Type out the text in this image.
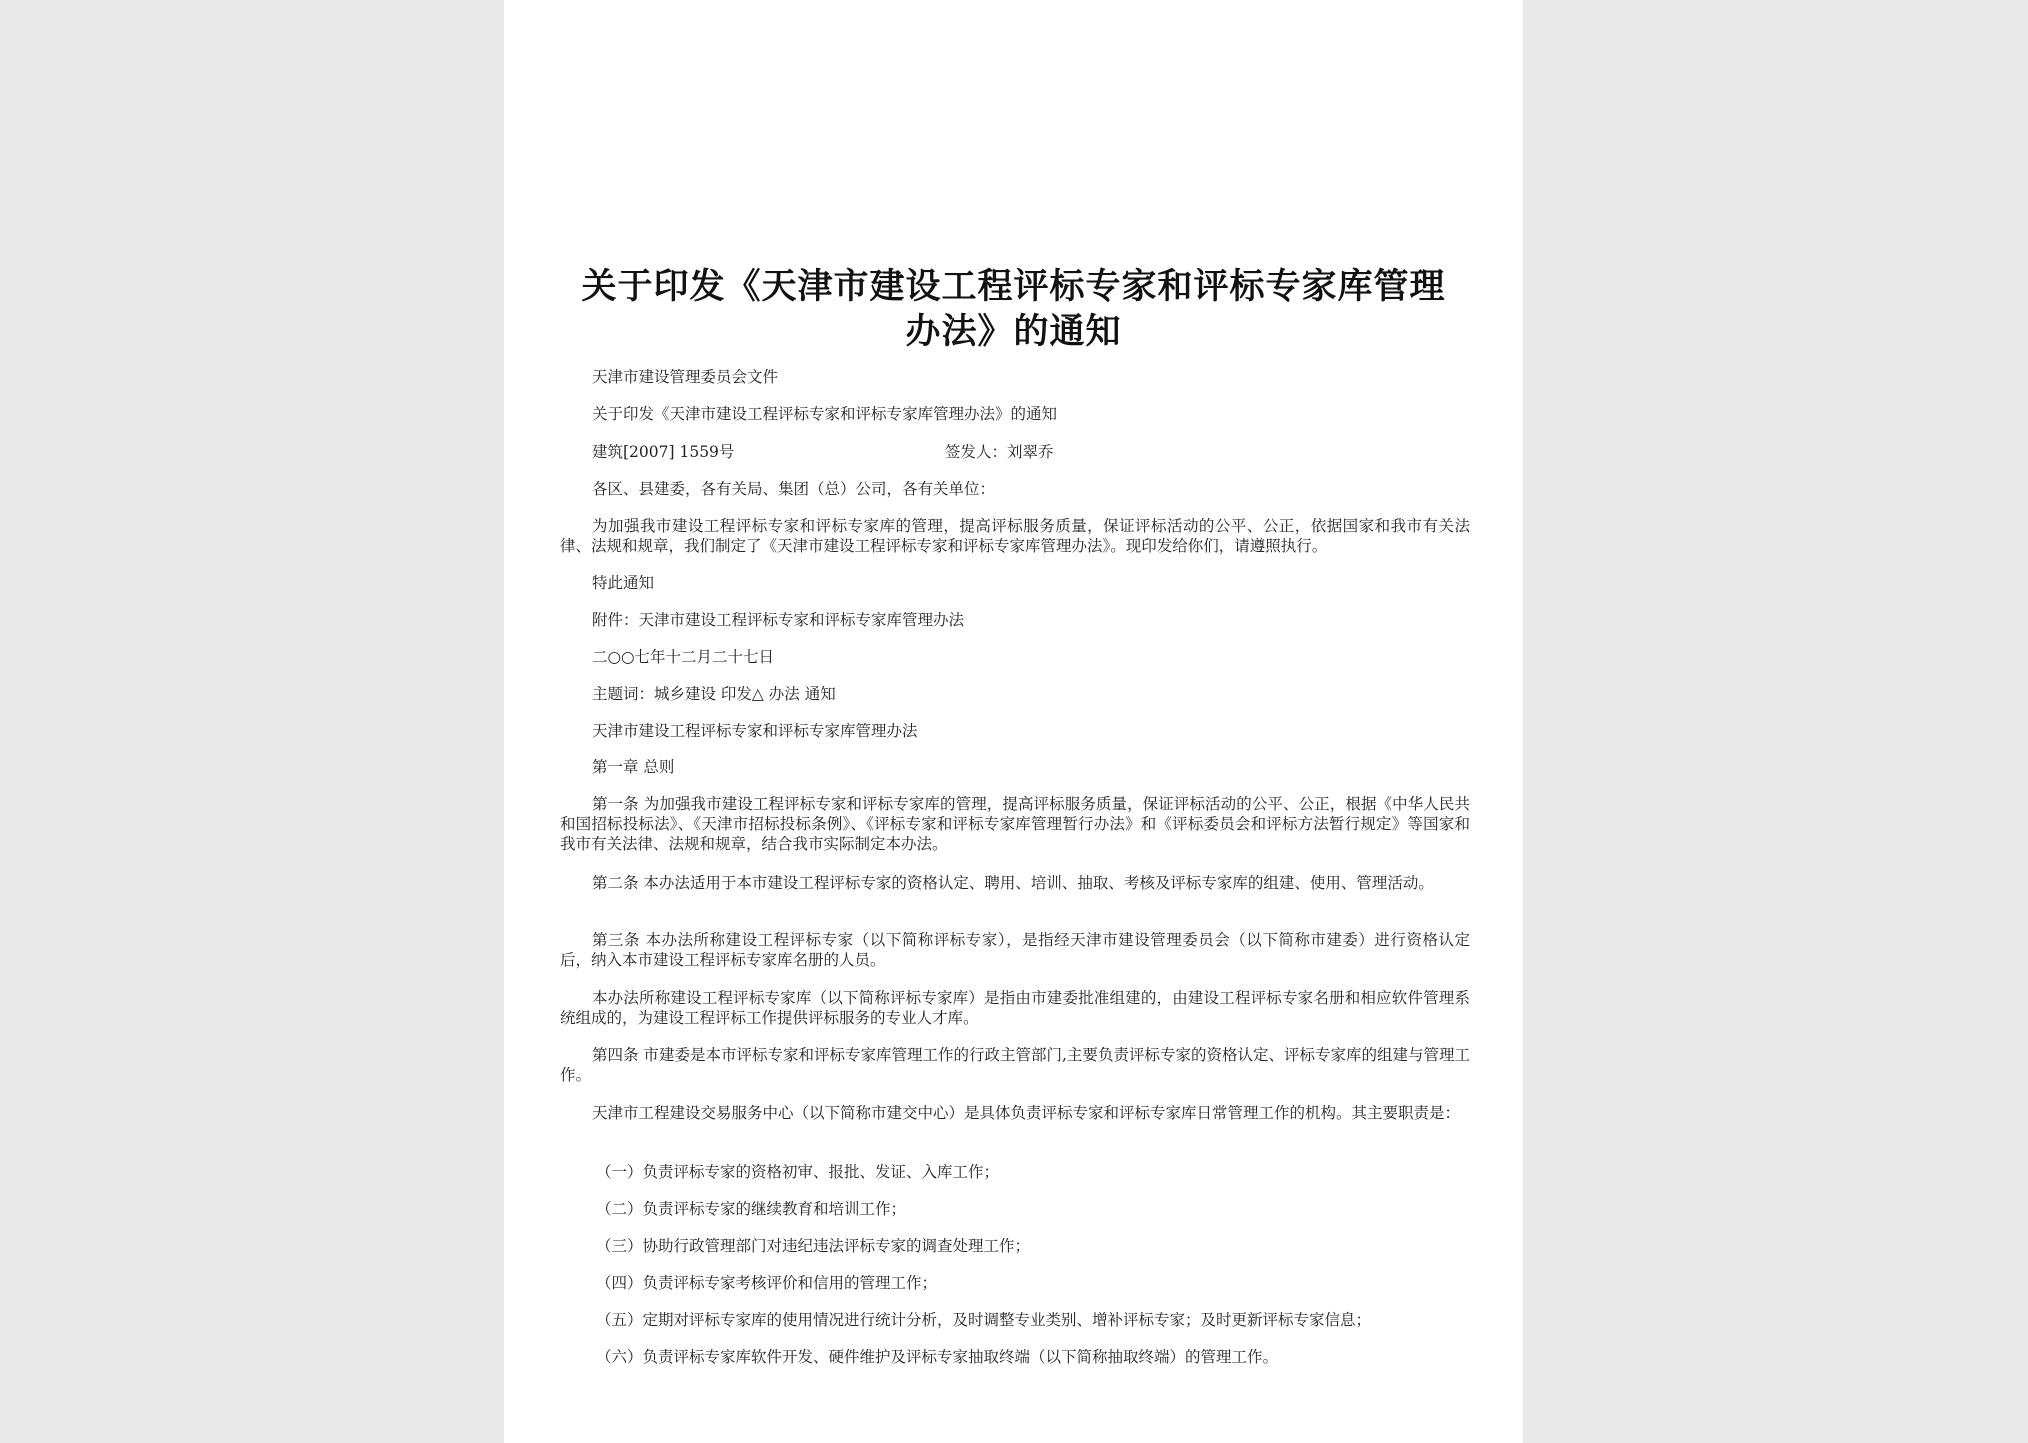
关于印发《天津市建设工程评标专家和评标专家库管理
办法》的通知
天津市建设管理委员会文件
关于印发《天津市建设工程评标专家和评标专家库管理办法》的通知
建筑[2007] 1559号	签发人：刘翠乔
各区、县建委，各有关局、集团（总）公司，各有关单位：
为加强我市建设工程评标专家和评标专家库的管理，提高评标服务质量，保证评标活动的公平、公正，依据国家和我市有关法律、法规和规章，我们制定了《天津市建设工程评标专家和评标专家库管理办法》。现印发给你们，请遵照执行。
特此通知
附件：天津市建设工程评标专家和评标专家库管理办法
二○○七年十二月二十七日
主题词：城乡建设 印发△ 办法 通知
天津市建设工程评标专家和评标专家库管理办法
第一章 总则
第一条 为加强我市建设工程评标专家和评标专家库的管理，提高评标服务质量，保证评标活动的公平、公正，根据《中华人民共和国招标投标法》、《天津市招标投标条例》、《评标专家和评标专家库管理暂行办法》和《评标委员会和评标方法暂行规定》等国家和我市有关法律、法规和规章，结合我市实际制定本办法。
第二条 本办法适用于本市建设工程评标专家的资格认定、聘用、培训、抽取、考核及评标专家库的组建、使用、管理活动。
第三条 本办法所称建设工程评标专家（以下简称评标专家），是指经天津市建设管理委员会（以下简称市建委）进行资格认定后，纳入本市建设工程评标专家库名册的人员。
本办法所称建设工程评标专家库（以下简称评标专家库）是指由市建委批准组建的，由建设工程评标专家名册和相应软件管理系统组成的，为建设工程评标工作提供评标服务的专业人才库。
第四条 市建委是本市评标专家和评标专家库管理工作的行政主管部门,主要负责评标专家的资格认定、评标专家库的组建与管理工作。
天津市工程建设交易服务中心（以下简称市建交中心）是具体负责评标专家和评标专家库日常管理工作的机构。其主要职责是：
（一）负责评标专家的资格初审、报批、发证、入库工作；
（二）负责评标专家的继续教育和培训工作；
（三）协助行政管理部门对违纪违法评标专家的调查处理工作；
（四）负责评标专家考核评价和信用的管理工作；
（五）定期对评标专家库的使用情况进行统计分析，及时调整专业类别、增补评标专家；及时更新评标专家信息；
（六）负责评标专家库软件开发、硬件维护及评标专家抽取终端（以下简称抽取终端）的管理工作。
